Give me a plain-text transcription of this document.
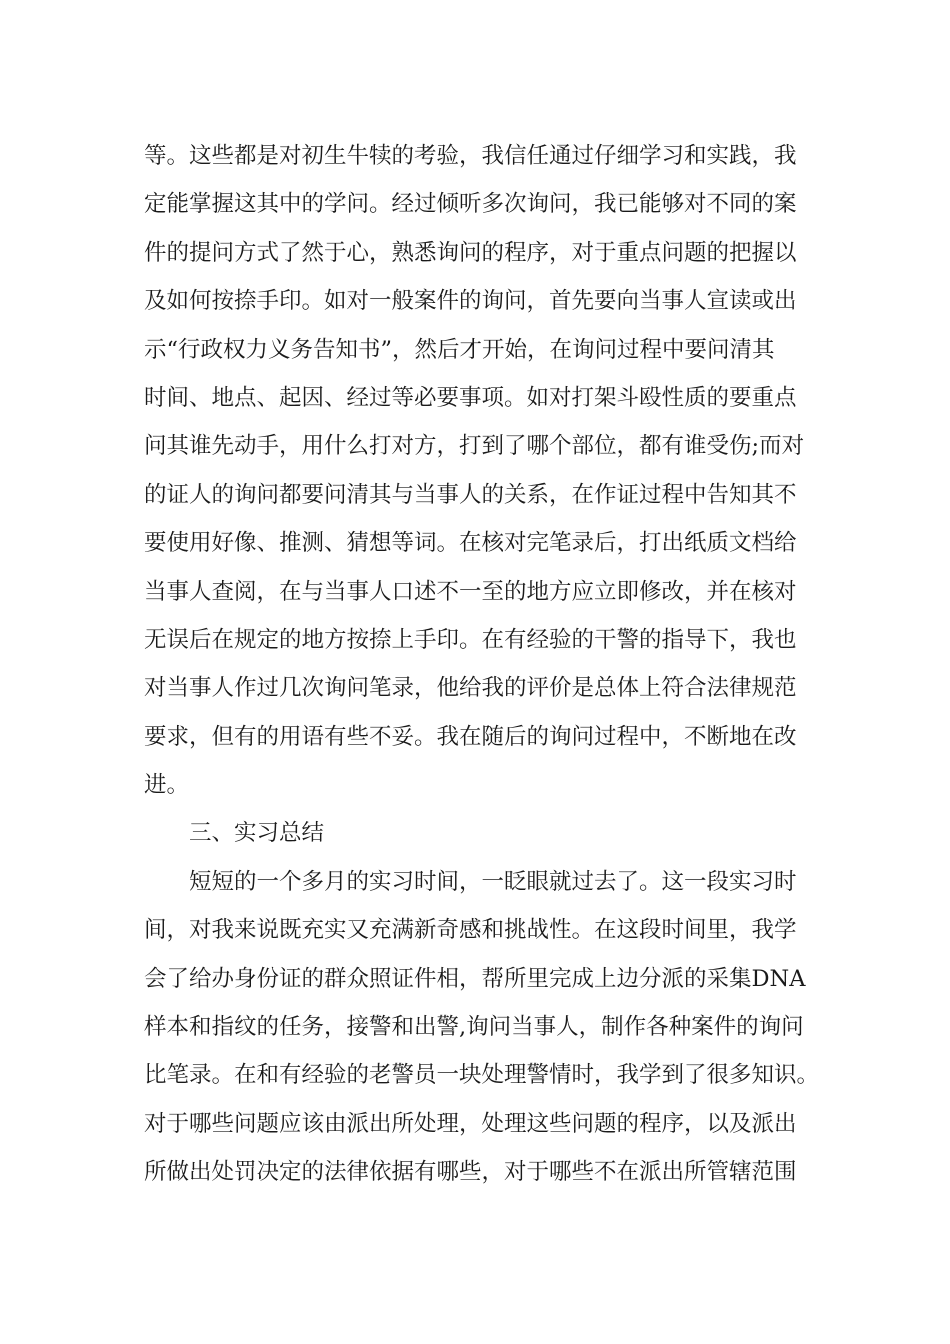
等。这些都是对初生牛犊的考验，我信任通过仔细学习和实践，我
定能掌握这其中的学问。经过倾听多次询问，我已能够对不同的案
件的提问方式了然于心，熟悉询问的程序，对于重点问题的把握以
及如何按捺手印。如对一般案件的询问，首先要向当事人宣读或出
示“行政权力义务告知书”，然后才开始，在询问过程中要问清其
时间、地点、起因、经过等必要事项。如对打架斗殴性质的要重点
问其谁先动手，用什么打对方，打到了哪个部位，都有谁受伤;而对
的证人的询问都要问清其与当事人的关系，在作证过程中告知其不
要使用好像、推测、猜想等词。在核对完笔录后，打出纸质文档给
当事人查阅，在与当事人口述不一至的地方应立即修改，并在核对
无误后在规定的地方按捺上手印。在有经验的干警的指导下，我也
对当事人作过几次询问笔录，他给我的评价是总体上符合法律规范
要求，但有的用语有些不妥。我在随后的询问过程中，不断地在改
进。
三、实习总结
短短的一个多月的实习时间，一眨眼就过去了。这一段实习时
间，对我来说既充实又充满新奇感和挑战性。在这段时间里，我学
会了给办身份证的群众照证件相，帮所里完成上边分派的采集DNA
样本和指纹的任务，接警和出警,询问当事人，制作各种案件的询问
比笔录。在和有经验的老警员一块处理警情时，我学到了很多知识。
对于哪些问题应该由派出所处理，处理这些问题的程序，以及派出
所做出处罚决定的法律依据有哪些，对于哪些不在派出所管辖范围
